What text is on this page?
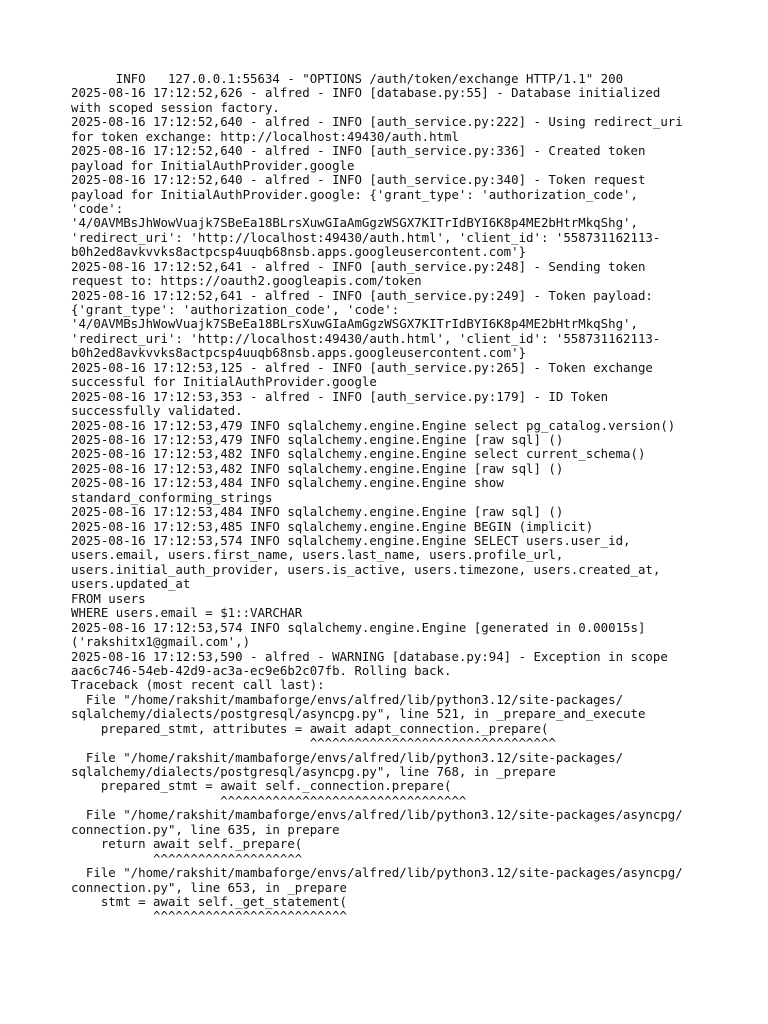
INFO   127.0.0.1:55634 - "OPTIONS /auth/token/exchange HTTP/1.1" 200
2025-08-16 17:12:52,626 - alfred - INFO [database.py:55] - Database initialized
with scoped session factory.
2025-08-16 17:12:52,640 - alfred - INFO [auth_service.py:222] - Using redirect_uri
for token exchange: http://localhost:49430/auth.html
2025-08-16 17:12:52,640 - alfred - INFO [auth_service.py:336] - Created token
payload for InitialAuthProvider.google
2025-08-16 17:12:52,640 - alfred - INFO [auth_service.py:340] - Token request
payload for InitialAuthProvider.google: {'grant_type': 'authorization_code',
'code':
'4/0AVMBsJhWowVuajk7SBeEa18BLrsXuwGIaAmGgzWSGX7KITrIdBYI6K8p4ME2bHtrMkqShg',
'redirect_uri': 'http://localhost:49430/auth.html', 'client_id': '558731162113-
b0h2ed8avkvvks8actpcsp4uuqb68nsb.apps.googleusercontent.com'}
2025-08-16 17:12:52,641 - alfred - INFO [auth_service.py:248] - Sending token
request to: https://oauth2.googleapis.com/token
2025-08-16 17:12:52,641 - alfred - INFO [auth_service.py:249] - Token payload:
{'grant_type': 'authorization_code', 'code':
'4/0AVMBsJhWowVuajk7SBeEa18BLrsXuwGIaAmGgzWSGX7KITrIdBYI6K8p4ME2bHtrMkqShg',
'redirect_uri': 'http://localhost:49430/auth.html', 'client_id': '558731162113-
b0h2ed8avkvvks8actpcsp4uuqb68nsb.apps.googleusercontent.com'}
2025-08-16 17:12:53,125 - alfred - INFO [auth_service.py:265] - Token exchange
successful for InitialAuthProvider.google
2025-08-16 17:12:53,353 - alfred - INFO [auth_service.py:179] - ID Token
successfully validated.
2025-08-16 17:12:53,479 INFO sqlalchemy.engine.Engine select pg_catalog.version()
2025-08-16 17:12:53,479 INFO sqlalchemy.engine.Engine [raw sql] ()
2025-08-16 17:12:53,482 INFO sqlalchemy.engine.Engine select current_schema()
2025-08-16 17:12:53,482 INFO sqlalchemy.engine.Engine [raw sql] ()
2025-08-16 17:12:53,484 INFO sqlalchemy.engine.Engine show
standard_conforming_strings
2025-08-16 17:12:53,484 INFO sqlalchemy.engine.Engine [raw sql] ()
2025-08-16 17:12:53,485 INFO sqlalchemy.engine.Engine BEGIN (implicit)
2025-08-16 17:12:53,574 INFO sqlalchemy.engine.Engine SELECT users.user_id,
users.email, users.first_name, users.last_name, users.profile_url,
users.initial_auth_provider, users.is_active, users.timezone, users.created_at,
users.updated_at
FROM users
WHERE users.email = $1::VARCHAR
2025-08-16 17:12:53,574 INFO sqlalchemy.engine.Engine [generated in 0.00015s]
('rakshitx1@gmail.com',)
2025-08-16 17:12:53,590 - alfred - WARNING [database.py:94] - Exception in scope
aac6c746-54eb-42d9-ac3a-ec9e6b2c07fb. Rolling back.
Traceback (most recent call last):
File "/home/rakshit/mambaforge/envs/alfred/lib/python3.12/site-packages/
sqlalchemy/dialects/postgresql/asyncpg.py", line 521, in _prepare_and_execute
prepared_stmt, attributes = await adapt_connection._prepare(
^^^^^^^^^^^^^^^^^^^^^^^^^^^^^^^^^
File "/home/rakshit/mambaforge/envs/alfred/lib/python3.12/site-packages/
sqlalchemy/dialects/postgresql/asyncpg.py", line 768, in _prepare
prepared_stmt = await self._connection.prepare(
^^^^^^^^^^^^^^^^^^^^^^^^^^^^^^^^^
File "/home/rakshit/mambaforge/envs/alfred/lib/python3.12/site-packages/asyncpg/
connection.py", line 635, in prepare
return await self._prepare(
^^^^^^^^^^^^^^^^^^^^
File "/home/rakshit/mambaforge/envs/alfred/lib/python3.12/site-packages/asyncpg/
connection.py", line 653, in _prepare
stmt = await self._get_statement(
^^^^^^^^^^^^^^^^^^^^^^^^^^
